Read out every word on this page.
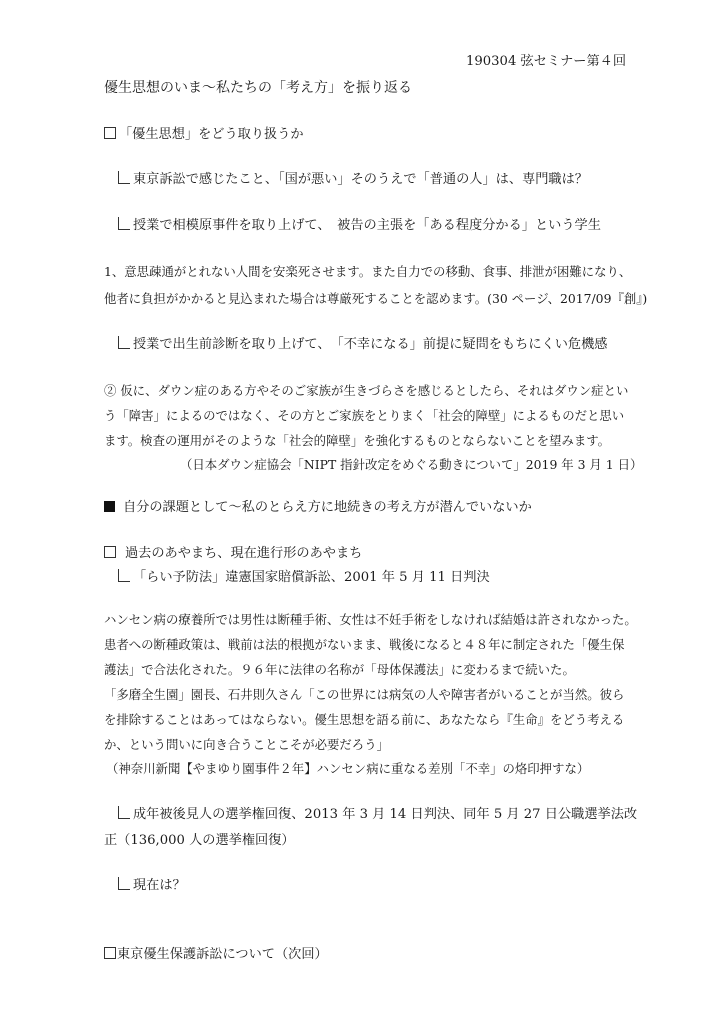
190304 弦セミナー第４回
優生思想のいま～私たちの「考え方」を振り返る
「優生思想」をどう取り扱うか
東京訴訟で感じたこと、「国が悪い」そのうえで「普通の人」は、専門職は？
授業で相模原事件を取り上げて、　被告の主張を「ある程度分かる」という学生
1、意思疎通がとれない人間を安楽死させます。また自力での移動、食事、排泄が困難になり、
他者に負担がかかると見込まれた場合は尊厳死することを認めます。(30 ページ、2017/09『創』)
授業で出生前診断を取り上げて、　「不幸になる」前提に疑問をもちにくい危機感
② 仮に、ダウン症のある方やそのご家族が生きづらさを感じるとしたら、それはダウン症とい
う「障害」によるのではなく、その方とご家族をとりまく「社会的障壁」によるものだと思い
ます。検査の運用がそのような「社会的障壁」を強化するものとならないことを望みます。
（日本ダウン症協会「NIPT 指針改定をめぐる動きについて」2019 年 3 月 1 日）
自分の課題として～私のとらえ方に地続きの考え方が潜んでいないか
過去のあやまち、現在進行形のあやまち
「らい予防法」違憲国家賠償訴訟、2001 年 5 月 11 日判決
ハンセン病の療養所では男性は断種手術、女性は不妊手術をしなければ結婚は許されなかった。
患者への断種政策は、戦前は法的根拠がないまま、戦後になると４８年に制定された「優生保
護法」で合法化された。９６年に法律の名称が「母体保護法」に変わるまで続いた。
「多磨全生園」園長、石井則久さん「この世界には病気の人や障害者がいることが当然。彼ら
を排除することはあってはならない。優生思想を語る前に、あなたなら『生命』をどう考える
か、という問いに向き合うことこそが必要だろう」
（神奈川新聞【やまゆり園事件２年】ハンセン病に重なる差別「不幸」の烙印押すな）
成年被後見人の選挙権回復、2013 年 3 月 14 日判決、同年 5 月 27 日公職選挙法改
正（136,000 人の選挙権回復）
現在は？
東京優生保護訴訟について（次回）
